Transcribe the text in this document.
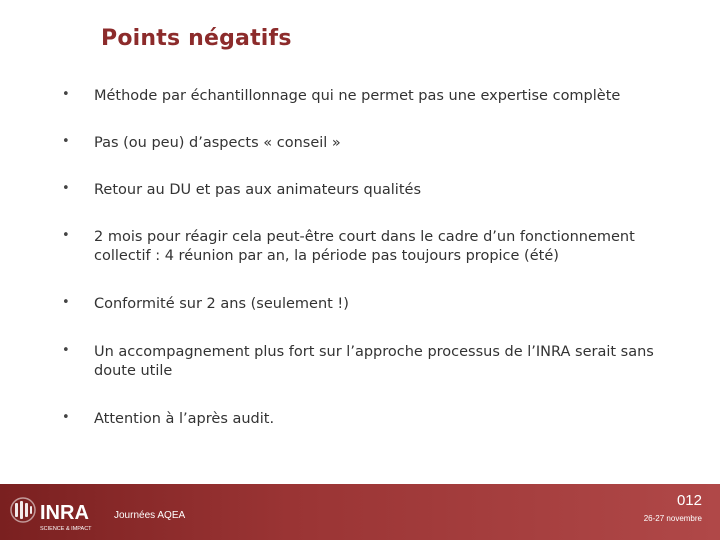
Points négatifs
• Méthode par échantillonnage qui ne permet pas une expertise complète
• Pas (ou peu) d’aspects « conseil »
• Retour au DU et pas aux animateurs qualités
• 2 mois pour réagir cela peut-être court dans le cadre d’un fonctionnement collectif : 4 réunion par an, la période pas toujours propice (été)
• Conformité sur 2 ans (seulement !)
• Un accompagnement plus fort sur l’approche processus de l’INRA serait sans doute utile
• Attention à l’après audit.
INRA
SCIENCE & IMPACT
Journées AQEA
012
26-27 novembre
